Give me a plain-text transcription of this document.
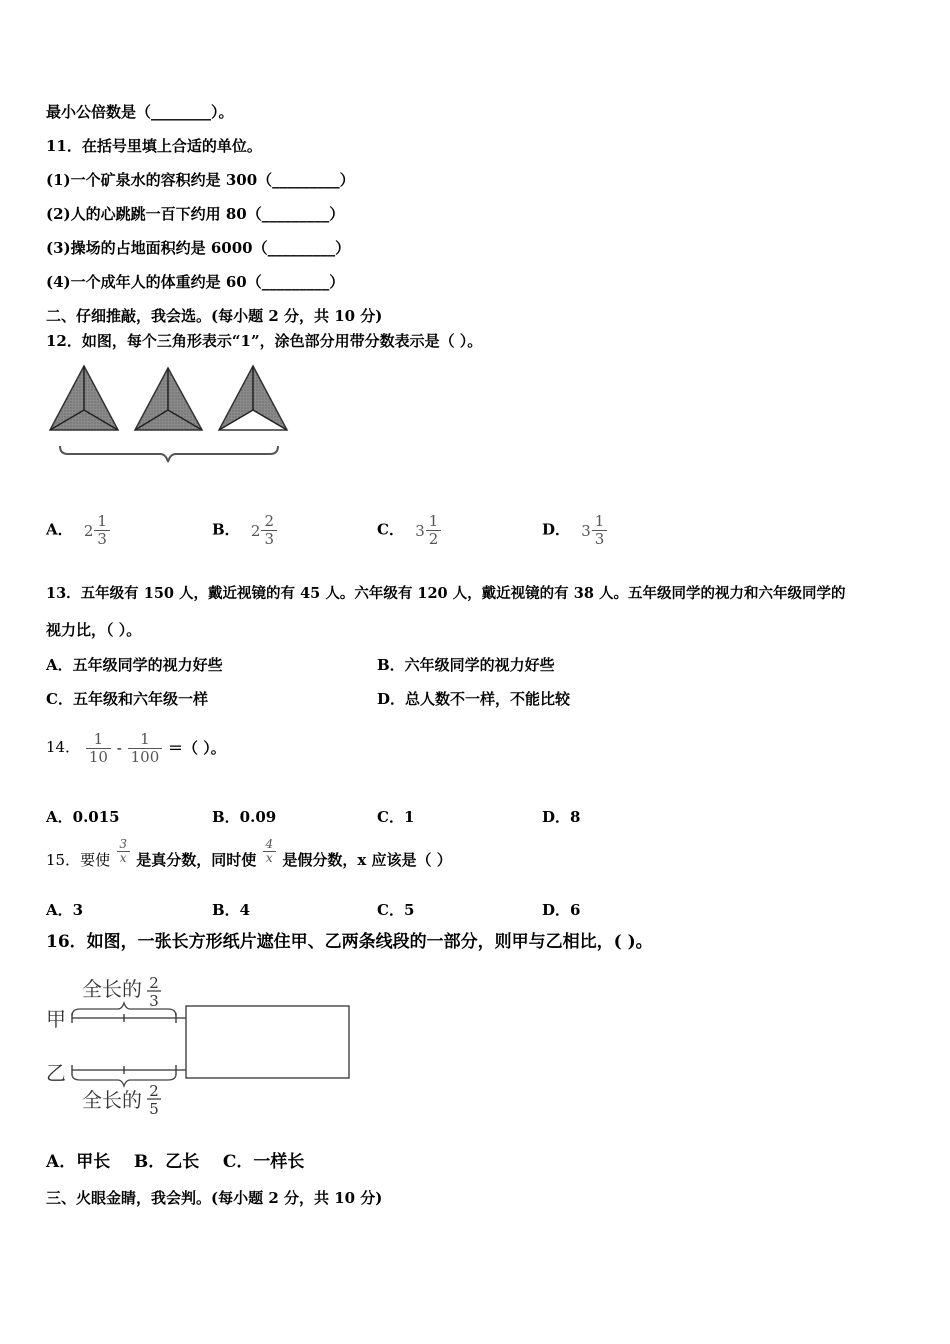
最小公倍数是（________）。
11．在括号里填上合适的单位。
(1)一个矿泉水的容积约是 300（_________）
(2)人的心跳跳一百下约用 80（_________）
(3)操场的占地面积约是 6000（_________）
(4)一个成年人的体重约是 60（_________）
二、仔细推敲，我会选。(每小题 2 分，共 10 分)
12．如图，每个三角形表示“1”，涂色部分用带分数表示是（ ）。
A． $2 \frac{1}{3}$	B． $2 \frac{2}{3}$	C． $3 \frac{1}{2}$	D． $3 \frac{1}{3}$
13．五年级有 150 人，戴近视镜的有 45 人。六年级有 120 人，戴近视镜的有 38 人。五年级同学的视力和六年级同学的
视力比，（ ）。
A．五年级同学的视力好些	B．六年级同学的视力好些
C．五年级和六年级一样	D．总人数不一样，不能比较
14． $\frac{1}{10} - \frac{1}{100}$ ＝（ ）。
A．0.015	B．0.09	C．1	D．8
15．要使 $\frac{3}{x}$ 是真分数，同时使 $\frac{4}{x}$ 是假分数，x 应该是（ ）
A．3	B．4	C．5	D．6
16．如图，一张长方形纸片遮住甲、乙两条线段的一部分，则甲与乙相比，( )。
全长的 2
3
甲
乙
全长的 2
5
A．甲长    B．乙长    C．一样长
三、火眼金睛，我会判。(每小题 2 分，共 10 分)
